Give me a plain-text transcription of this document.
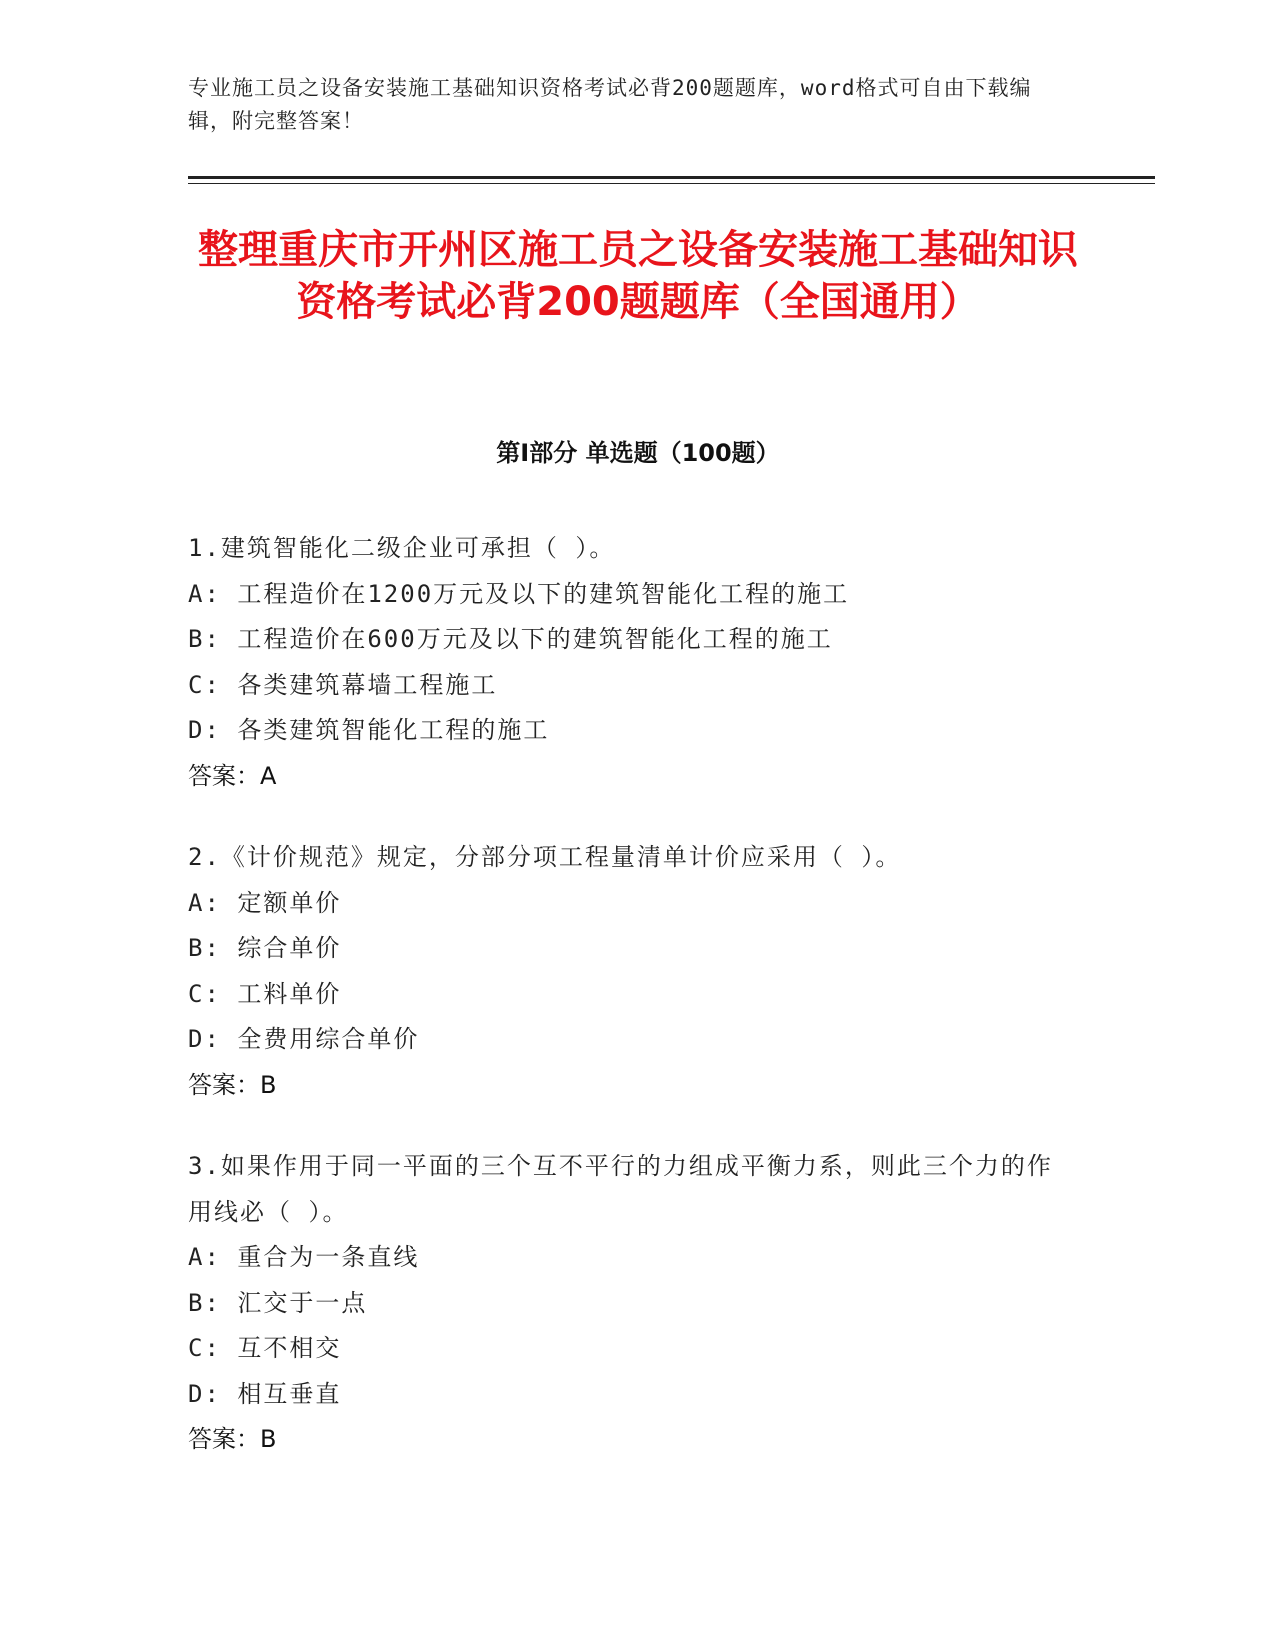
专业施工员之设备安装施工基础知识资格考试必背200题题库，word格式可自由下载编辑，附完整答案！
整理重庆市开州区施工员之设备安装施工基础知识资格考试必背200题题库（全国通用）
第I部分 单选题（100题）
1.建筑智能化二级企业可承担（ ）。
A: 工程造价在1200万元及以下的建筑智能化工程的施工
B: 工程造价在600万元及以下的建筑智能化工程的施工
C: 各类建筑幕墙工程施工
D: 各类建筑智能化工程的施工
答案：A
2.《计价规范》规定，分部分项工程量清单计价应采用（ ）。
A: 定额单价
B: 综合单价
C: 工料单价
D: 全费用综合单价
答案：B
3.如果作用于同一平面的三个互不平行的力组成平衡力系，则此三个力的作用线必（ ）。
A: 重合为一条直线
B: 汇交于一点
C: 互不相交
D: 相互垂直
答案：B
